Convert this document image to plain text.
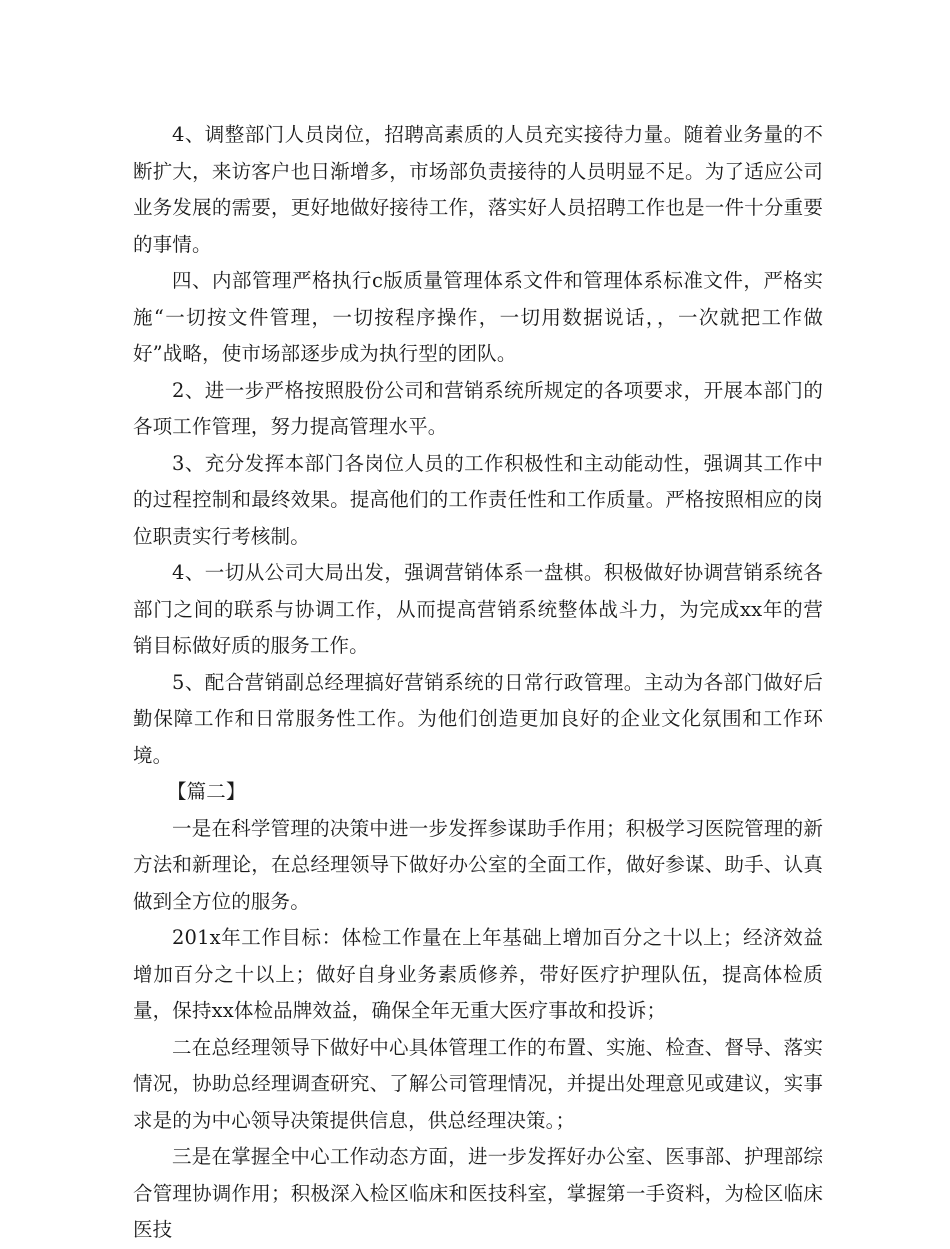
4、调整部门人员岗位，招聘高素质的人员充实接待力量。随着业务量的不断扩大，来访客户也日渐增多，市场部负责接待的人员明显不足。为了适应公司业务发展的需要，更好地做好接待工作，落实好人员招聘工作也是一件十分重要的事情。

四、内部管理严格执行c版质量管理体系文件和管理体系标准文件，严格实施“一切按文件管理，一切按程序操作，一切用数据说话，，一次就把工作做好”战略，使市场部逐步成为执行型的团队。

2、进一步严格按照股份公司和营销系统所规定的各项要求，开展本部门的各项工作管理，努力提高管理水平。

3、充分发挥本部门各岗位人员的工作积极性和主动能动性，强调其工作中的过程控制和最终效果。提高他们的工作责任性和工作质量。严格按照相应的岗位职责实行考核制。

4、一切从公司大局出发，强调营销体系一盘棋。积极做好协调营销系统各部门之间的联系与协调工作，从而提高营销系统整体战斗力，为完成xx年的营销目标做好质的服务工作。

5、配合营销副总经理搞好营销系统的日常行政管理。主动为各部门做好后勤保障工作和日常服务性工作。为他们创造更加良好的企业文化氛围和工作环境。

【篇二】

一是在科学管理的决策中进一步发挥参谋助手作用；积极学习医院管理的新方法和新理论，在总经理领导下做好办公室的全面工作，做好参谋、助手、认真做到全方位的服务。

201x年工作目标：体检工作量在上年基础上增加百分之十以上；经济效益增加百分之十以上；做好自身业务素质修养，带好医疗护理队伍，提高体检质量，保持xx体检品牌效益，确保全年无重大医疗事故和投诉；

二在总经理领导下做好中心具体管理工作的布置、实施、检查、督导、落实情况，协助总经理调查研究、了解公司管理情况，并提出处理意见或建议，实事求是的为中心领导决策提供信息，供总经理决策。；

三是在掌握全中心工作动态方面，进一步发挥好办公室、医事部、护理部综合管理协调作用；积极深入检区临床和医技科室，掌握第一手资料，为检区临床医技
